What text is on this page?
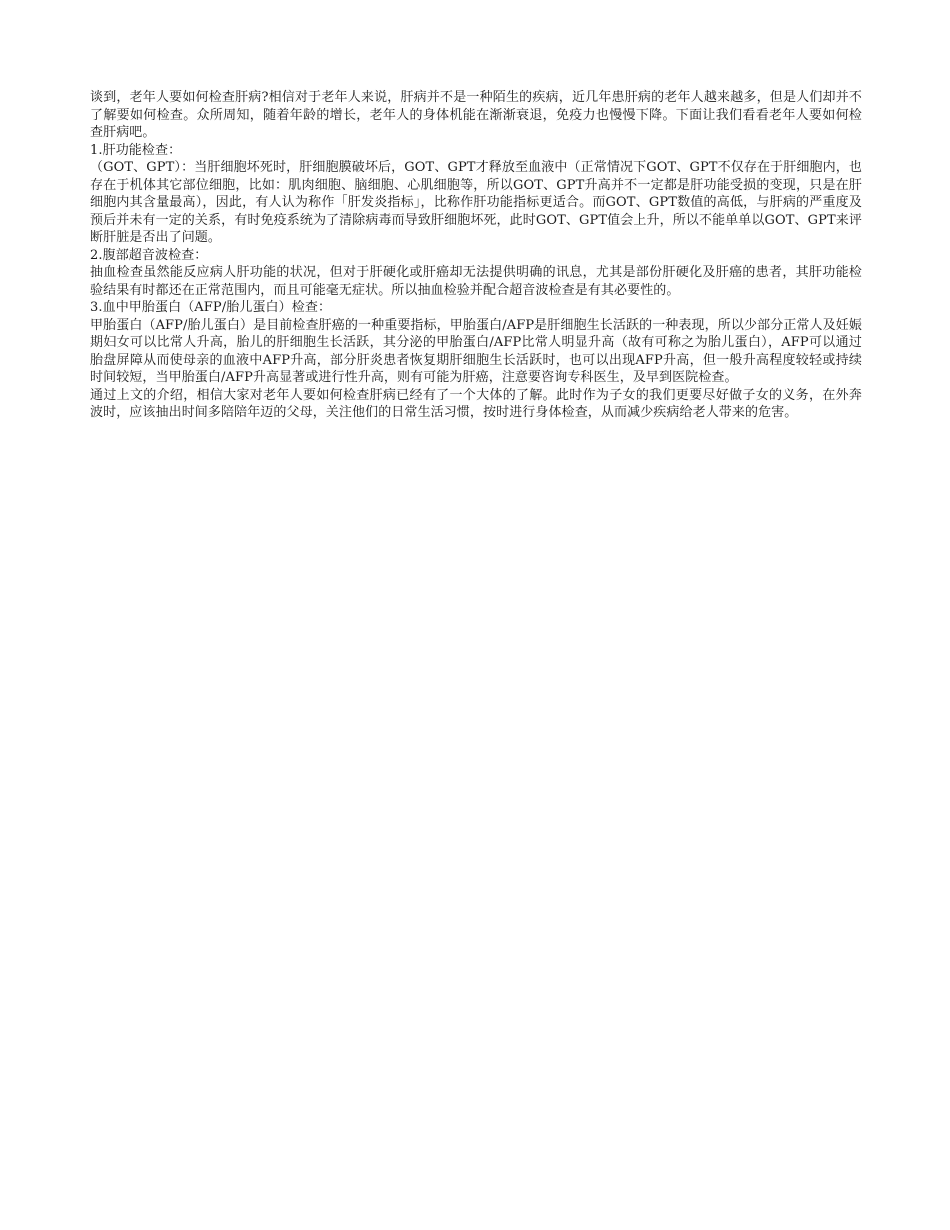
谈到，老年人要如何检查肝病?相信对于老年人来说，肝病并不是一种陌生的疾病，近几年患肝病的老年人越来越多，但是人们却并不了解要如何检查。众所周知，随着年龄的增长，老年人的身体机能在渐渐衰退，免疫力也慢慢下降。下面让我们看看老年人要如何检查肝病吧。

1.肝功能检查：

（GOT、GPT）：当肝细胞坏死时，肝细胞膜破坏后，GOT、GPT才释放至血液中（正常情况下GOT、GPT不仅存在于肝细胞内，也存在于机体其它部位细胞，比如：肌肉细胞、脑细胞、心肌细胞等，所以GOT、GPT升高并不一定都是肝功能受损的变现，只是在肝细胞内其含量最高），因此，有人认为称作「肝发炎指标」，比称作肝功能指标更适合。而GOT、GPT数值的高低，与肝病的严重度及预后并未有一定的关系，有时免疫系统为了清除病毒而导致肝细胞坏死，此时GOT、GPT值会上升，所以不能单单以GOT、GPT来评断肝脏是否出了问题。

2.腹部超音波检查：

抽血检查虽然能反应病人肝功能的状况，但对于肝硬化或肝癌却无法提供明确的讯息，尤其是部份肝硬化及肝癌的患者，其肝功能检验结果有时都还在正常范围内，而且可能毫无症状。所以抽血检验并配合超音波检查是有其必要性的。

3.血中甲胎蛋白（AFP/胎儿蛋白）检查：

甲胎蛋白（AFP/胎儿蛋白）是目前检查肝癌的一种重要指标，甲胎蛋白/AFP是肝细胞生长活跃的一种表现，所以少部分正常人及妊娠期妇女可以比常人升高，胎儿的肝细胞生长活跃，其分泌的甲胎蛋白/AFP比常人明显升高（故有可称之为胎儿蛋白），AFP可以通过胎盘屏障从而使母亲的血液中AFP升高，部分肝炎患者恢复期肝细胞生长活跃时，也可以出现AFP升高，但一般升高程度较轻或持续时间较短，当甲胎蛋白/AFP升高显著或进行性升高，则有可能为肝癌，注意要咨询专科医生，及早到医院检查。

通过上文的介绍，相信大家对老年人要如何检查肝病已经有了一个大体的了解。此时作为子女的我们更要尽好做子女的义务，在外奔波时，应该抽出时间多陪陪年迈的父母，关注他们的日常生活习惯，按时进行身体检查，从而减少疾病给老人带来的危害。
